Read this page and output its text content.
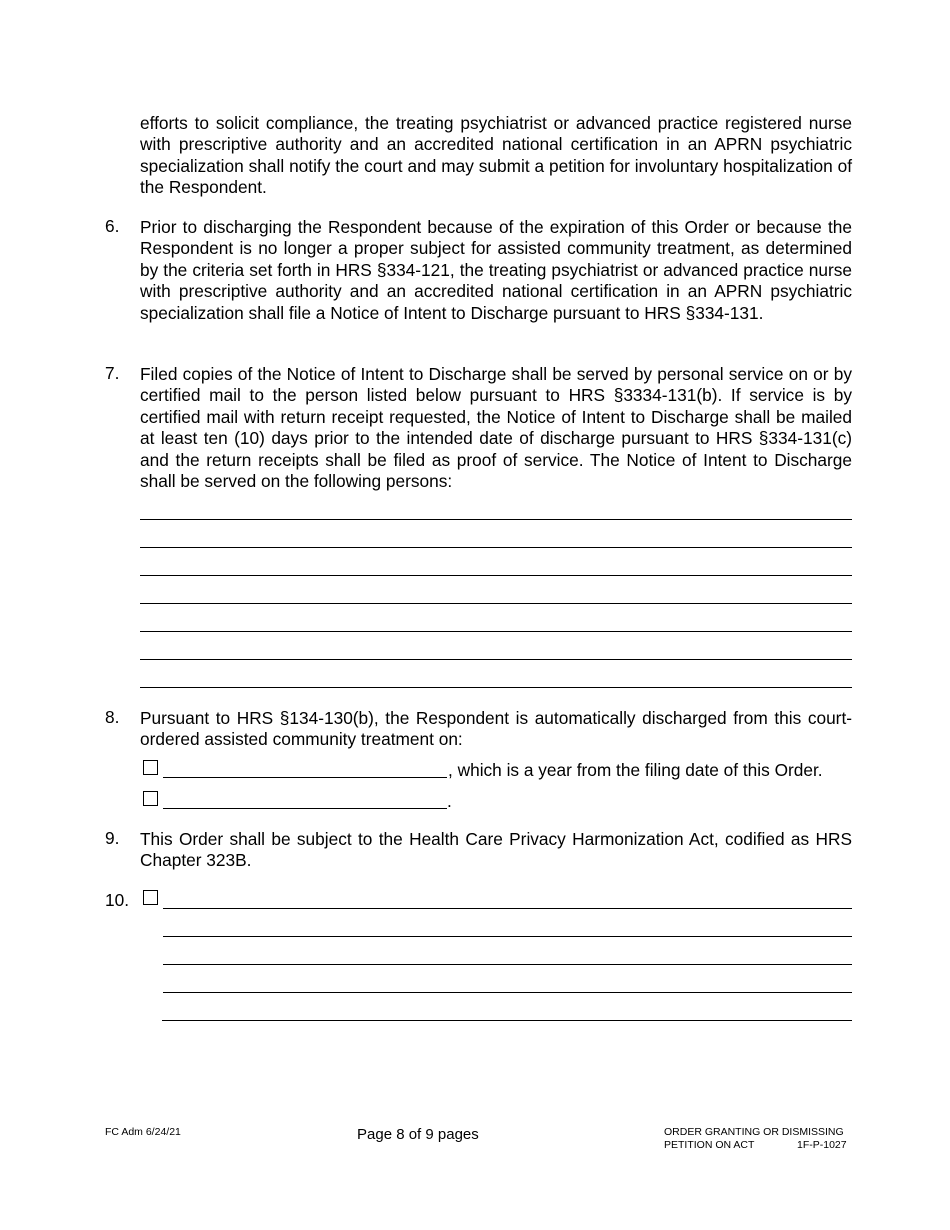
efforts to solicit compliance, the treating psychiatrist or advanced practice registered nurse with prescriptive authority and an accredited national certification in an APRN psychiatric specialization shall notify the court and may submit a petition for involuntary hospitalization of the Respondent.

6. Prior to discharging the Respondent because of the expiration of this Order or because the Respondent is no longer a proper subject for assisted community treatment, as determined by the criteria set forth in HRS §334-121, the treating psychiatrist or advanced practice nurse with prescriptive authority and an accredited national certification in an APRN psychiatric specialization shall file a Notice of Intent to Discharge pursuant to HRS §334-131.

7. Filed copies of the Notice of Intent to Discharge shall be served by personal service on or by certified mail to the person listed below pursuant to HRS §3334-131(b). If service is by certified mail with return receipt requested, the Notice of Intent to Discharge shall be mailed at least ten (10) days prior to the intended date of discharge pursuant to HRS §334-131(c) and the return receipts shall be filed as proof of service. The Notice of Intent to Discharge shall be served on the following persons:

8. Pursuant to HRS §134-130(b), the Respondent is automatically discharged from this court-ordered assisted community treatment on:

, which is a year from the filing date of this Order.
.
9. This Order shall be subject to the Health Care Privacy Harmonization Act, codified as HRS Chapter 323B.

10.
FC Adm 6/24/21	Page 8 of 9 pages	ORDER GRANTING OR DISMISSING
PETITION ON ACT	1F-P-1027
